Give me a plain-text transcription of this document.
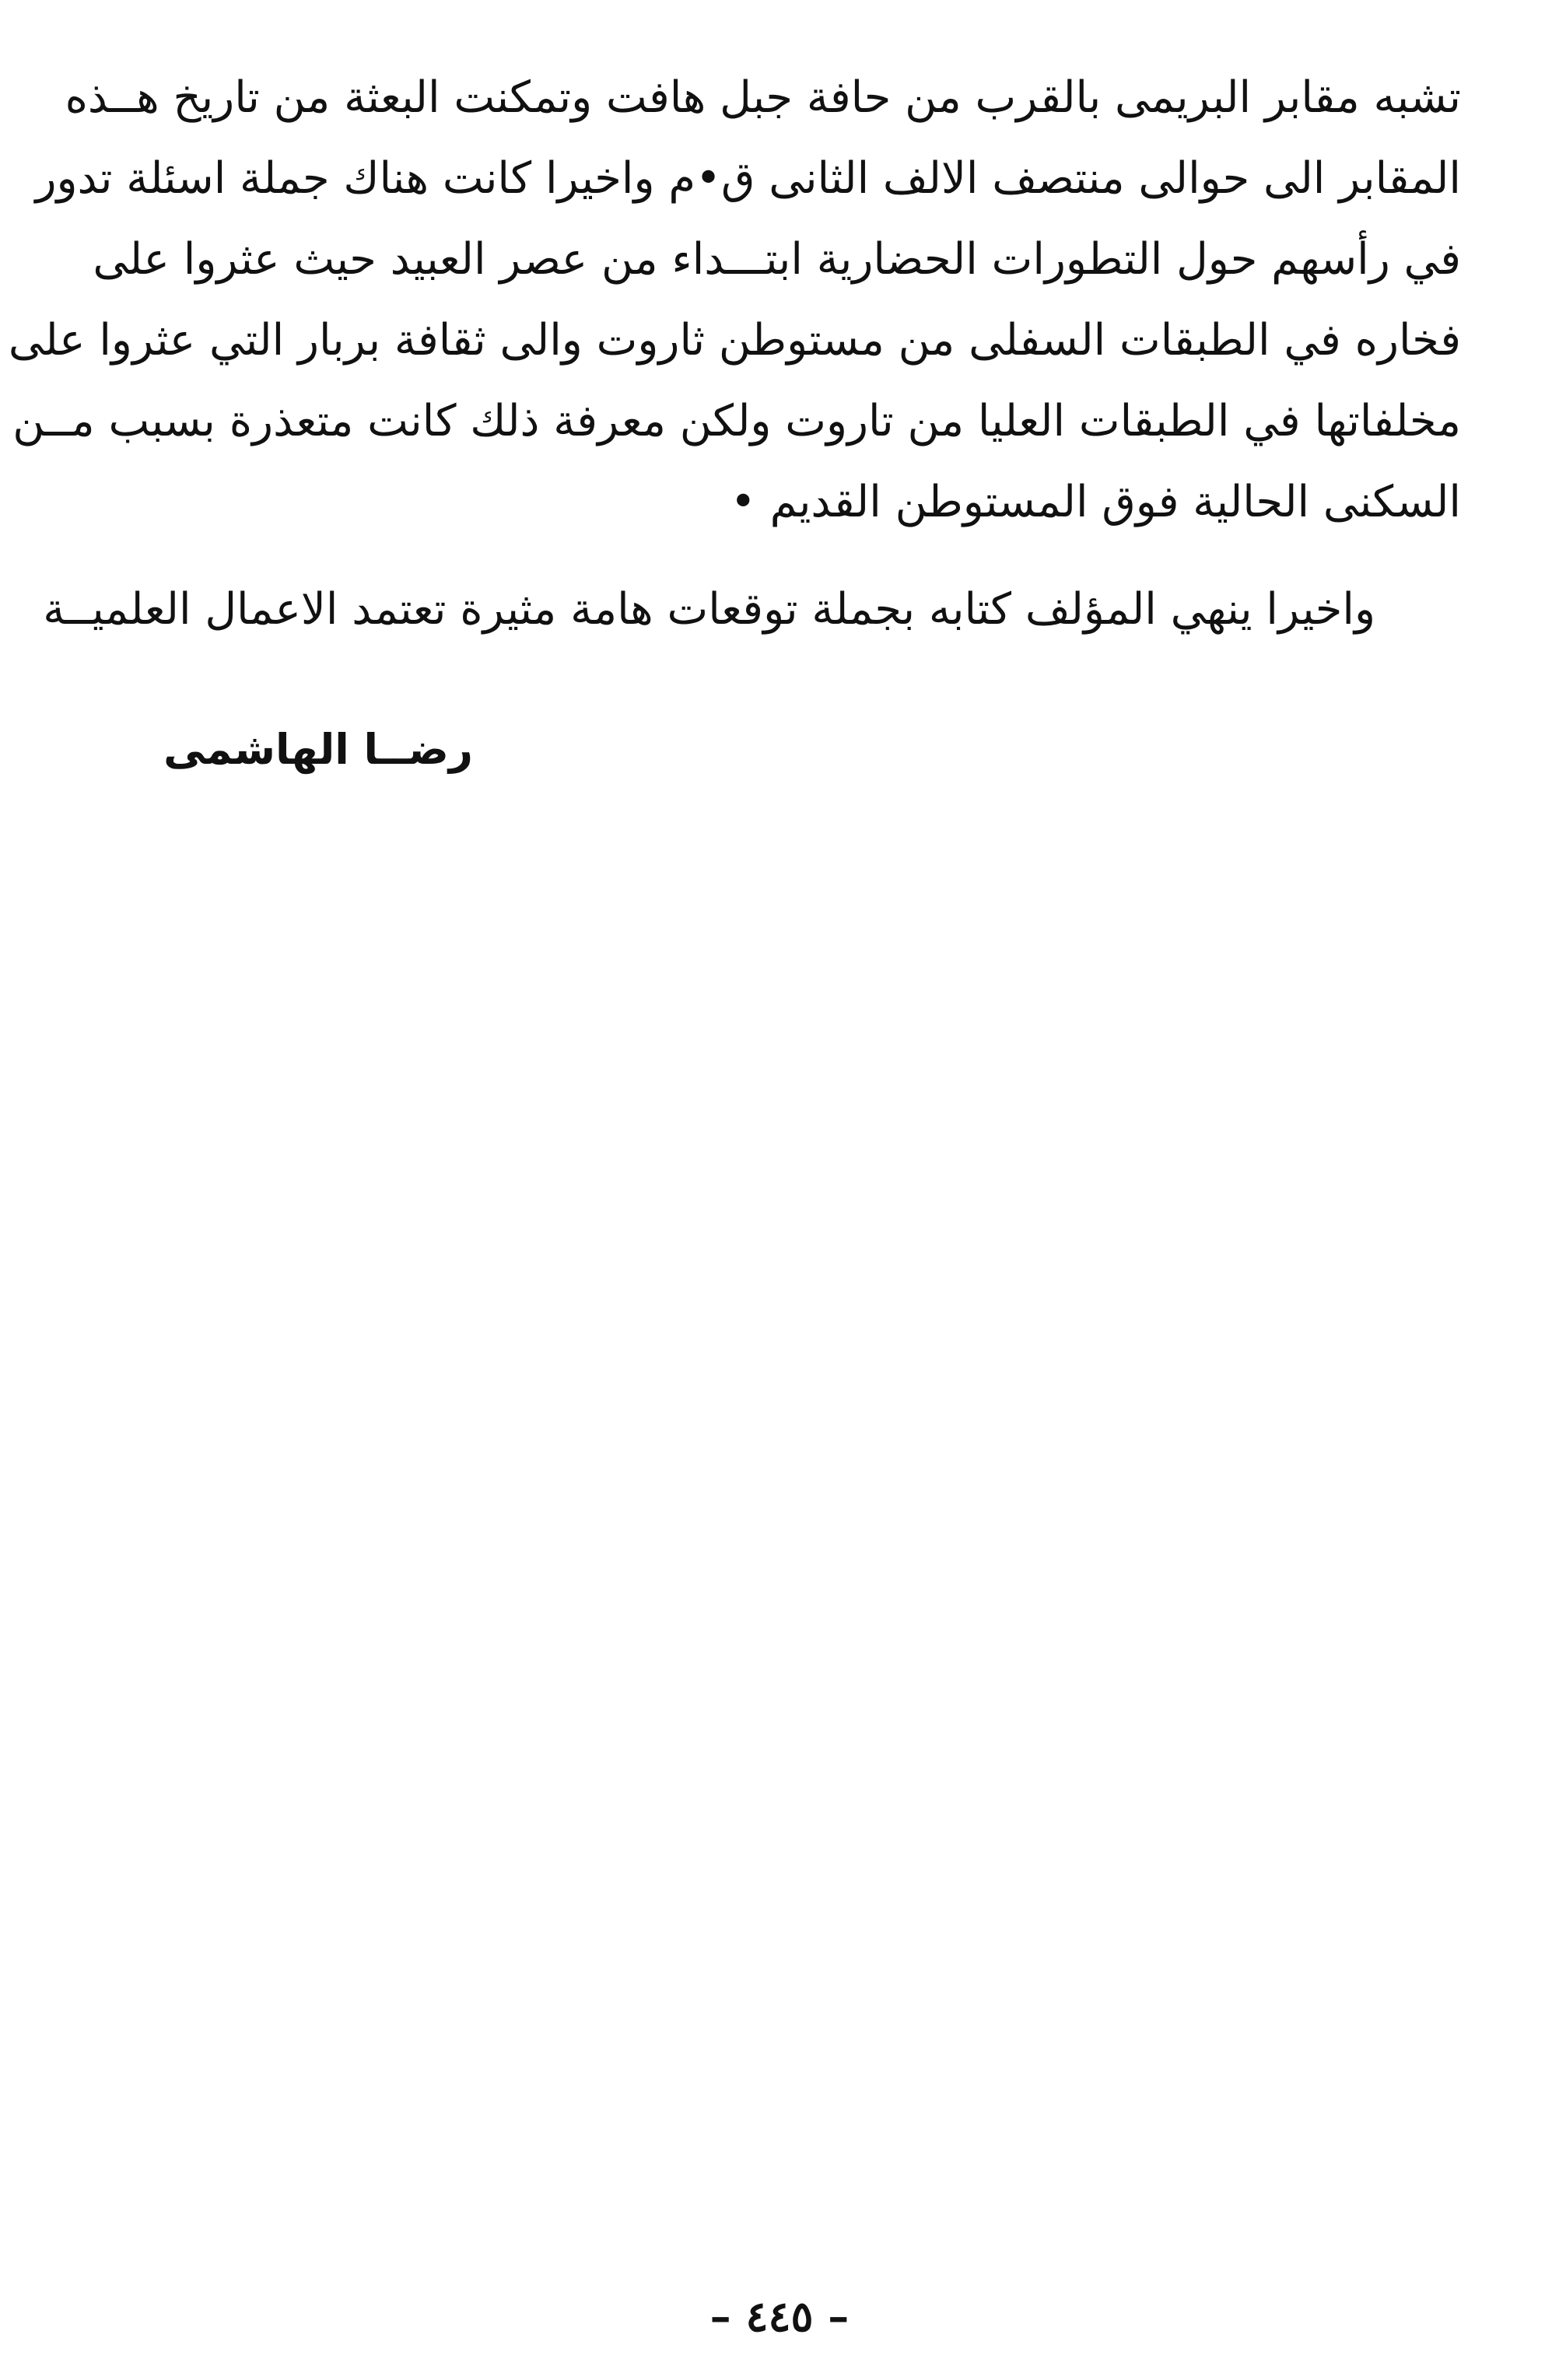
تشبه مقابر البريمى بالقرب من حافة جبل هافت وتمكنت البعثة من تاريخ هــذه
المقابر الى حوالى منتصف الالف الثانى ق•م واخيرا كانت هناك جملة اسئلة تدور
في رأسهم حول التطورات الحضارية ابتـــداء من عصر العبيد حيث عثروا على
فخاره في الطبقات السفلى من مستوطن ثاروت والى ثقافة بربار التي عثروا على
مخلفاتها في الطبقات العليا من تاروت ولكن معرفة ذلك كانت متعذرة بسبب مــن
السكنى الحالية فوق المستوطن القديم •
واخيرا ينهي المؤلف كتابه بجملة توقعات هامة مثيرة تعتمد الاعمال العلميــة
رضــا الهاشمى
– ٤٤٥ –
